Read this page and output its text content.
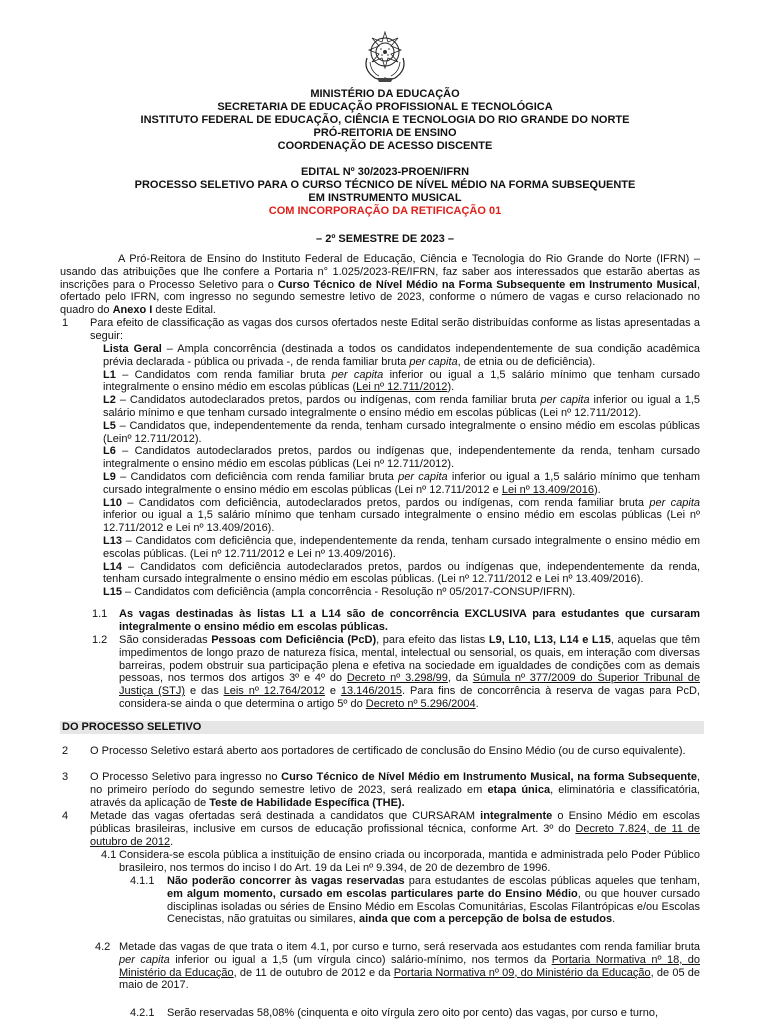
MINISTÉRIO DA EDUCAÇÃO
SECRETARIA DE EDUCAÇÃO PROFISSIONAL E TECNOLÓGICA
INSTITUTO FEDERAL DE EDUCAÇÃO, CIÊNCIA E TECNOLOGIA DO RIO GRANDE DO NORTE
PRÓ-REITORIA DE ENSINO
COORDENAÇÃO DE ACESSO DISCENTE
EDITAL Nº 30/2023-PROEN/IFRN
PROCESSO SELETIVO PARA O CURSO TÉCNICO DE NÍVEL MÉDIO NA FORMA SUBSEQUENTE
EM INSTRUMENTO MUSICAL
COM INCORPORAÇÃO DA RETIFICAÇÃO 01
– 2º SEMESTRE DE 2023 –

A Pró-Reitora de Ensino do Instituto Federal de Educação, Ciência e Tecnologia do Rio Grande do Norte (IFRN) – usando das atribuições que lhe confere a Portaria n° 1.025/2023-RE/IFRN, faz saber aos interessados que estarão abertas as inscrições para o Processo Seletivo para o Curso Técnico de Nível Médio na Forma Subsequente em Instrumento Musical, ofertado pelo IFRN, com ingresso no segundo semestre letivo de 2023, conforme o número de vagas e curso relacionado no quadro do Anexo I deste Edital.

1 Para efeito de classificação as vagas dos cursos ofertados neste Edital serão distribuídas conforme as listas apresentadas a seguir:

Lista Geral – Ampla concorrência (destinada a todos os candidatos independentemente de sua condição acadêmica prévia declarada - pública ou privada -, de renda familiar bruta per capita, de etnia ou de deficiência).

L1 – Candidatos com renda familiar bruta per capita inferior ou igual a 1,5 salário mínimo que tenham cursado integralmente o ensino médio em escolas públicas (Lei nº 12.711/2012).

L2 – Candidatos autodeclarados pretos, pardos ou indígenas, com renda familiar bruta per capita inferior ou igual a 1,5 salário mínimo e que tenham cursado integralmente o ensino médio em escolas públicas (Lei nº 12.711/2012).

L5 – Candidatos que, independentemente da renda, tenham cursado integralmente o ensino médio em escolas públicas (Leinº 12.711/2012).

L6 – Candidatos autodeclarados pretos, pardos ou indígenas que, independentemente da renda, tenham cursado integralmente o ensino médio em escolas públicas (Lei nº 12.711/2012).

L9 – Candidatos com deficiência com renda familiar bruta per capita inferior ou igual a 1,5 salário mínimo que tenham cursado integralmente o ensino médio em escolas públicas (Lei nº 12.711/2012 e Lei nº 13.409/2016).

L10 – Candidatos com deficiência, autodeclarados pretos, pardos ou indígenas, com renda familiar bruta per capita inferior ou igual a 1,5 salário mínimo que tenham cursado integralmente o ensino médio em escolas públicas (Lei nº 12.711/2012 e Lei nº 13.409/2016).

L13 – Candidatos com deficiência que, independentemente da renda, tenham cursado integralmente o ensino médio em escolas públicas. (Lei nº 12.711/2012 e Lei nº 13.409/2016).

L14 – Candidatos com deficiência autodeclarados pretos, pardos ou indígenas que, independentemente da renda, tenham cursado integralmente o ensino médio em escolas públicas. (Lei nº 12.711/2012 e Lei nº 13.409/2016).

L15 – Candidatos com deficiência (ampla concorrência - Resolução nº 05/2017-CONSUP/IFRN).

1.1 As vagas destinadas às listas L1 a L14 são de concorrência EXCLUSIVA para estudantes que cursaram integralmente o ensino médio em escolas públicas.
1.2 São consideradas Pessoas com Deficiência (PcD), para efeito das listas L9, L10, L13, L14 e L15, aquelas que têm impedimentos de longo prazo de natureza física, mental, intelectual ou sensorial, os quais, em interação com diversas barreiras, podem obstruir sua participação plena e efetiva na sociedade em igualdades de condições com as demais pessoas, nos termos dos artigos 3º e 4º do Decreto nº 3.298/99, da Súmula nº 377/2009 do Superior Tribunal de Justiça (STJ) e das Leis nº 12.764/2012 e 13.146/2015. Para fins de concorrência à reserva de vagas para PcD, considera-se ainda o que determina o artigo 5º do Decreto nº 5.296/2004.

DO PROCESSO SELETIVO
2 O Processo Seletivo estará aberto aos portadores de certificado de conclusão do Ensino Médio (ou de curso equivalente).
3 O Processo Seletivo para ingresso no Curso Técnico de Nível Médio em Instrumento Musical, na forma Subsequente, no primeiro período do segundo semestre letivo de 2023, será realizado em etapa única, eliminatória e classificatória, através da aplicação de Teste de Habilidade Específica (THE).

4 Metade das vagas ofertadas será destinada a candidatos que CURSARAM integralmente o Ensino Médio em escolas públicas brasileiras, inclusive em cursos de educação profissional técnica, conforme Art. 3º do Decreto 7.824, de 11 de outubro de 2012.

4.1 Considera-se escola pública a instituição de ensino criada ou incorporada, mantida e administrada pelo Poder Público brasileiro, nos termos do inciso I do Art. 19 da Lei nº 9.394, de 20 de dezembro de 1996.
4.1.1 Não poderão concorrer às vagas reservadas para estudantes de escolas públicas aqueles que tenham, em algum momento, cursado em escolas particulares parte do Ensino Médio, ou que houver cursado disciplinas isoladas ou séries de Ensino Médio em Escolas Comunitárias, Escolas Filantrópicas e/ou Escolas Cenecistas, não gratuitas ou similares, ainda que com a percepção de bolsa de estudos.

4.2 Metade das vagas de que trata o item 4.1, por curso e turno, será reservada aos estudantes com renda familiar bruta per capita inferior ou igual a 1,5 (um vírgula cinco) salário-mínimo, nos termos da Portaria Normativa nº 18, do Ministério da Educação, de 11 de outubro de 2012 e da Portaria Normativa nº 09, do Ministério da Educação, de 05 de maio de 2017.

4.2.1 Serão reservadas 58,08% (cinquenta e oito vírgula zero oito por cento) das vagas, por curso e turno,
